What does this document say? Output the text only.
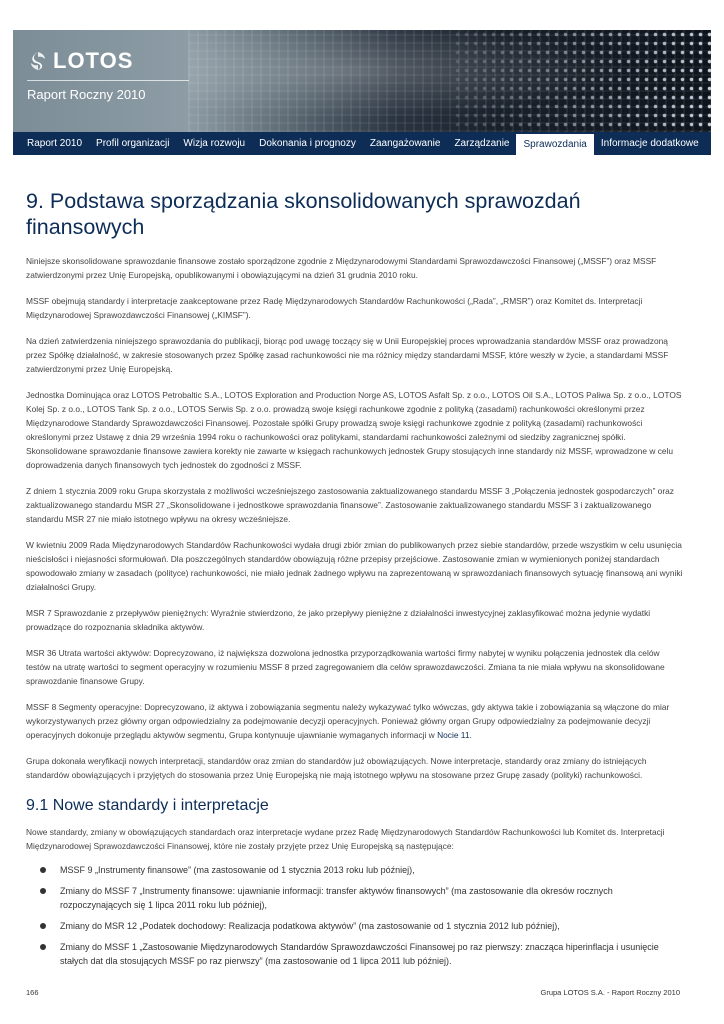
LOTOS
Raport Roczny 2010
Raport 2010	Profil organizacji	Wizja rozwoju	Dokonania i prognozy	Zaangażowanie	Zarządzanie	Sprawozdania	Informacje dodatkowe
9. Podstawa sporządzania skonsolidowanych sprawozdań finansowych

Niniejsze skonsolidowane sprawozdanie finansowe zostało sporządzone zgodnie z Międzynarodowymi Standardami Sprawozdawczości Finansowej („MSSF”) oraz MSSF zatwierdzonymi przez Unię Europejską, opublikowanymi i obowiązującymi na dzień 31 grudnia 2010 roku.

MSSF obejmują standardy i interpretacje zaakceptowane przez Radę Międzynarodowych Standardów Rachunkowości („Rada”, „RMSR”) oraz Komitet ds. Interpretacji Międzynarodowej Sprawozdawczości Finansowej („KIMSF”).

Na dzień zatwierdzenia niniejszego sprawozdania do publikacji, biorąc pod uwagę toczący się w Unii Europejskiej proces wprowadzania standardów MSSF oraz prowadzoną przez Spółkę działalność, w zakresie stosowanych przez Spółkę zasad rachunkowości nie ma różnicy między standardami MSSF, które weszły w życie, a standardami MSSF zatwierdzonymi przez Unię Europejską.

Jednostka Dominująca oraz LOTOS Petrobaltic S.A., LOTOS Exploration and Production Norge AS, LOTOS Asfalt Sp. z o.o., LOTOS Oil S.A., LOTOS Paliwa Sp. z o.o., LOTOS Kolej Sp. z o.o., LOTOS Tank Sp. z o.o., LOTOS Serwis Sp. z o.o. prowadzą swoje księgi rachunkowe zgodnie z polityką (zasadami) rachunkowości określonymi przez Międzynarodowe Standardy Sprawozdawczości Finansowej. Pozostałe spółki Grupy prowadzą swoje księgi rachunkowe zgodnie z polityką (zasadami) rachunkowości określonymi przez Ustawę z dnia 29 września 1994 roku o rachunkowości oraz politykami, standardami rachunkowości zależnymi od siedziby zagranicznej spółki. Skonsolidowane sprawozdanie finansowe zawiera korekty nie zawarte w księgach rachunkowych jednostek Grupy stosujących inne standardy niż MSSF, wprowadzone w celu doprowadzenia danych finansowych tych jednostek do zgodności z MSSF.

Z dniem 1 stycznia 2009 roku Grupa skorzystała z możliwości wcześniejszego zastosowania zaktualizowanego standardu MSSF 3 „Połączenia jednostek gospodarczych” oraz zaktualizowanego standardu MSR 27 „Skonsolidowane i jednostkowe sprawozdania finansowe”. Zastosowanie zaktualizowanego standardu MSSF 3 i zaktualizowanego standardu MSR 27 nie miało istotnego wpływu na okresy wcześniejsze.

W kwietniu 2009 Rada Międzynarodowych Standardów Rachunkowości wydała drugi zbiór zmian do publikowanych przez siebie standardów, przede wszystkim w celu usunięcia nieścisłości i niejasności sformułowań. Dla poszczególnych standardów obowiązują różne przepisy przejściowe. Zastosowanie zmian w wymienionych poniżej standardach spowodowało zmiany w zasadach (polityce) rachunkowości, nie miało jednak żadnego wpływu na zaprezentowaną w sprawozdaniach finansowych sytuację finansową ani wyniki działalności Grupy.

MSR 7 Sprawozdanie z przepływów pieniężnych: Wyraźnie stwierdzono, że jako przepływy pieniężne z działalności inwestycyjnej zaklasyfikować można jedynie wydatki prowadzące do rozpoznania składnika aktywów.

MSR 36 Utrata wartości aktywów: Doprecyzowano, iż największa dozwolona jednostka przyporządkowania wartości firmy nabytej w wyniku połączenia jednostek dla celów testów na utratę wartości to segment operacyjny w rozumieniu MSSF 8 przed zagregowaniem dla celów sprawozdawczości. Zmiana ta nie miała wpływu na skonsolidowane sprawozdanie finansowe Grupy.

MSSF 8 Segmenty operacyjne: Doprecyzowano, iż aktywa i zobowiązania segmentu należy wykazywać tylko wówczas, gdy aktywa takie i zobowiązania są włączone do miar wykorzystywanych przez główny organ odpowiedzialny za podejmowanie decyzji operacyjnych. Ponieważ główny organ Grupy odpowiedzialny za podejmowanie decyzji operacyjnych dokonuje przeglądu aktywów segmentu, Grupa kontynuuje ujawnianie wymaganych informacji w Nocie 11.

Grupa dokonała weryfikacji nowych interpretacji, standardów oraz zmian do standardów już obowiązujących. Nowe interpretacje, standardy oraz zmiany do istniejących standardów obowiązujących i przyjętych do stosowania przez Unię Europejską nie mają istotnego wpływu na stosowane przez Grupę zasady (polityki) rachunkowości.

9.1 Nowe standardy i interpretacje

Nowe standardy, zmiany w obowiązujących standardach oraz interpretacje wydane przez Radę Międzynarodowych Standardów Rachunkowości lub Komitet ds. Interpretacji Międzynarodowej Sprawozdawczości Finansowej, które nie zostały przyjęte przez Unię Europejską są następujące:

MSSF 9 „Instrumenty finansowe” (ma zastosowanie od 1 stycznia 2013 roku lub później),
Zmiany do MSSF 7 „Instrumenty finansowe: ujawnianie informacji: transfer aktywów finansowych” (ma zastosowanie dla okresów rocznych rozpoczynających się 1 lipca 2011 roku lub później),
Zmiany do MSR 12 „Podatek dochodowy: Realizacja podatkowa aktywów” (ma zastosowanie od 1 stycznia 2012 lub później),
Zmiany do MSSF 1 „Zastosowanie Międzynarodowych Standardów Sprawozdawczości Finansowej po raz pierwszy: znacząca hiperinflacja i usunięcie stałych dat dla stosujących MSSF po raz pierwszy” (ma zastosowanie od 1 lipca 2011 lub później).
166	Grupa LOTOS S.A. - Raport Roczny 2010
